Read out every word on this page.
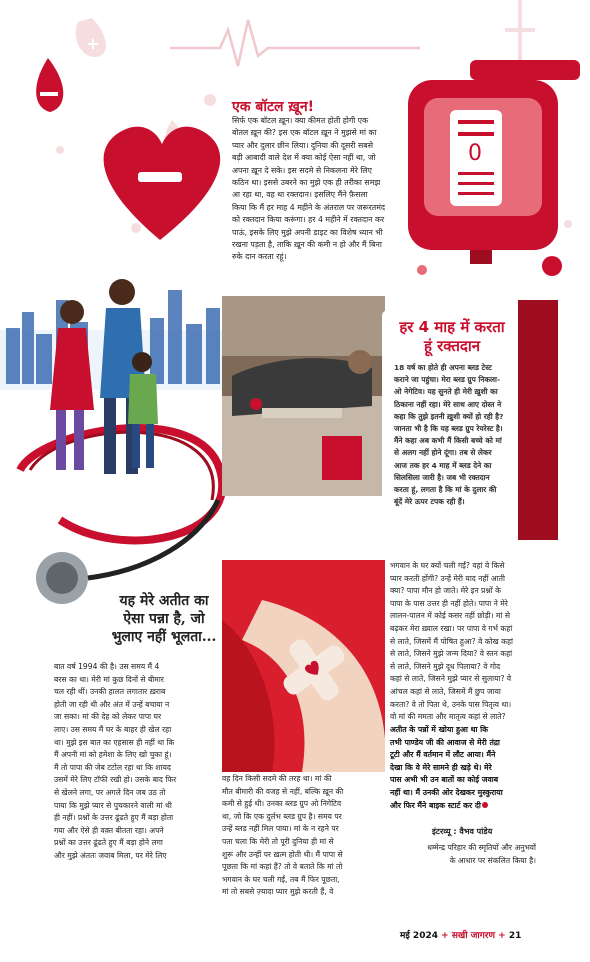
0
एक बॉटल ख़ून!
सिर्फ एक बॉटल ख़ून। क्या कीमत होती होगी एक
बोतल ख़ून की? इस एक बॉटल ख़ून ने मुझसे मां का
प्यार और दुलार छीन लिया। दुनिया की दूसरी सबसे
बड़ी आबादी वाले देश में क्या कोई ऐसा नहीं था, जो
अपना ख़ून दे सके। इस सदमे से निकलना मेरे लिए
कठिन था। इससे उबरने का मुझे एक ही तरीका समझ
आ रहा था, वह था रक्तदान। इसलिए मैंने फ़ैसला
किया कि मैं हर माह 4 महीने के अंतराल पर जरूरतमंद
को रक्तदान किया करूंगा। हर 4 महीने में रक्तदान कर
पाऊं, इसके लिए मुझे अपनी डाइट का विशेष ध्यान भी
रखना पड़ता है, ताकि ख़ून की कमी न हो और मैं बिना
रुके दान करता रहूं।
हर 4 माह में करता
हूं रक्तदान
18 वर्ष का होते ही अपना ब्लड टेस्ट
कराने जा पहुंचा। मेरा ब्लड ग्रुप निकला-
ओ नेगेटिव। यह सुनते ही मेरी ख़ुशी का
ठिकाना नहीं रहा। मेरे साथ आए दोस्त ने
कहा कि तुझे इतनी ख़ुशी क्यों हो रही है?
जानता भी है कि यह ब्लड ग्रुप रेयरेस्ट है।
मैंने कहा अब कभी मैं किसी बच्चे को मां
से अलग नहीं होने दूंगा। तब से लेकर
आज तक हर 4 माह में ब्लड देने का
सिलसिला जारी है। जब भी रक्तदान
करता हूं, लगता है कि मां के दुलार की
बूंदें मेरे ऊपर टपक रही हैं।
यह मेरे अतीत का
ऐसा पन्ना है, जो
भुलाए नहीं भूलता...
बात वर्ष 1994 की है। उस समय मैं 4
बरस का था। मेरी मां कुछ दिनों से बीमार
चल रही थीं। उनकी हालत लगातार ख़राब
होती जा रही थी और अंत में उन्हें बचाया न
जा सका। मां की देह को लेकर पापा घर
लाए। उस समय मैं घर के बाहर ही खेल रहा
था। मुझे इस बात का एहसास ही नहीं था कि
मैं अपनी मां को हमेशा के लिए खो चुका हूं।
मैं तो पापा की जेब टटोल रहा था कि शायद
उसमें मेरे लिए टॉफी रखी हो। उसके बाद फिर
से खेलने लगा, पर अगले दिन जब उठ तो
पाया कि मुझे प्यार से पुचकारने वाली मां थी
ही नहीं। प्रश्नों के उत्तर ढूंढते हुए मैं बड़ा होता
गया और ऐसे ही वक़्त बीतता रहा। अपने
प्रश्नों का उत्तर ढूंढते हुए मैं बड़ा होने लगा
और मुझे अंततः जवाब मिला, पर मेरे लिए
वह दिन किसी सदमे की तरह था। मां की
मौत बीमारी की वजह से नहीं, बल्कि ख़ून की
कमी से हुई थी। उनका ब्लड ग्रुप ओ निगेटिव
था, जो कि एक दुर्लभ ब्लड ग्रुप है। समय पर
उन्हें ब्लड नहीं मिल पाया। मां के न रहने पर
पता चला कि मेरी तो पूरी दुनिया ही मां से
शुरू और उन्हीं पर ख़त्म होती थी। मैं पापा से
पूछता कि मां कहां हैं? तो वे बताते कि मां तो
भगवान के घर चली गईं, तब मैं फिर पूछता,
मां तो सबसे ज़्यादा प्यार मुझे करती हैं, वे
भगवान के घर क्यों चली गईं? वहां वे किसे
प्यार करती होंगी? उन्हें मेरी याद नहीं आती
क्या? पापा मौन हो जाते। मेरे इन प्रश्नों के
पापा के पास उत्तर ही नहीं होते। पापा ने मेरे
लालन-पालन में कोई कसर नहीं छोड़ी। मां से
बढ़कर मेरा ख़्याल रखा। पर पापा वे गर्भ कहां
से लाते, जिसमें मैं पोषित हुआ? वे कोख कहां
से लाते, जिसने मुझे जन्म दिया? वे स्तन कहां
से लाते, जिसने मुझे दूध पिलाया? वे गोद
कहां से लाते, जिसने मुझे प्यार से सुलाया? वे
आंचल कहां से लाते, जिसमें मैं छुप जाया
करता? वे तो पिता थे, उनके पास पितृत्व था।
वो मां की ममता और मातृत्व कहां से लाते?
अतीत के पन्नों में खोया हुआ था कि
तभी पाण्डेय जी की आवाज से मेरी तंद्रा
टूटी और मैं वर्तमान में लौट आया। मैंने
देखा कि वे मेरे सामने ही खड़े थे। मेरे
पास अभी भी उन बातों का कोई जवाब
नहीं था। मैं उनकी ओर देखकर मुस्कुराया
और फिर मैंने बाइक स्टार्ट कर दी
इंटरव्यू : वैभव पांडेय
धम्मेन्द्र परिहार की स्मृतियों और अनुभवों
के आधार पर संकलित किया है।
मई 2024 + सखी जागरण + 21
